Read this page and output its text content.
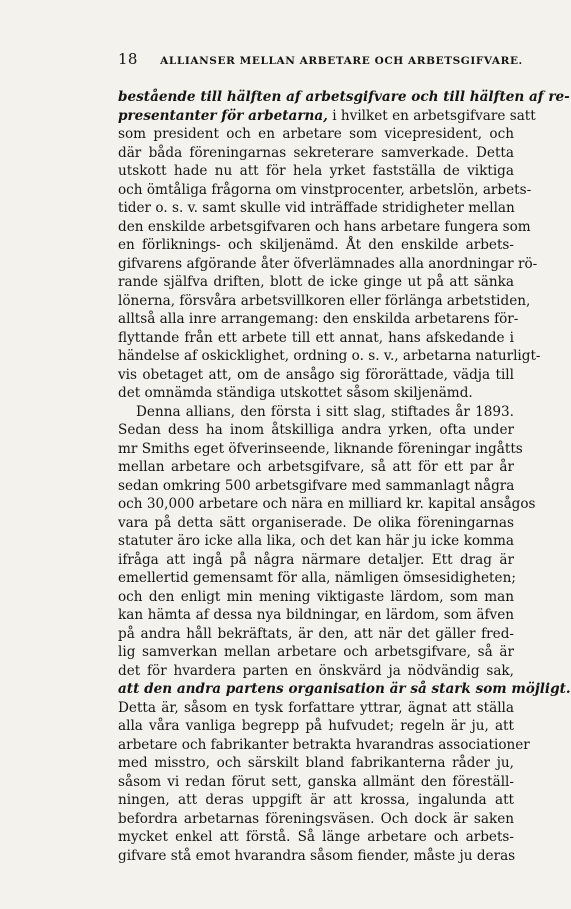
18 ALLIANSER MELLAN ARBETARE OCH ARBETSGIFVARE.
bestående till hälften af arbetsgifvare och till hälften af re-
presentanter för arbetarna, i hvilket en arbetsgifvare satt
som president och en arbetare som vicepresident, och
där båda föreningarnas sekreterare samverkade. Detta
utskott hade nu att för hela yrket fastställa de viktiga
och ömtåliga frågorna om vinstprocenter, arbetslön, arbets-
tider o. s. v. samt skulle vid inträffade stridigheter mellan
den enskilde arbetsgifvaren och hans arbetare fungera som
en förliknings- och skiljenämd. Åt den enskilde arbets-
gifvarens afgörande åter öfverlämnades alla anordningar rö-
rande själfva driften, blott de icke ginge ut på att sänka
lönerna, försvåra arbetsvillkoren eller förlänga arbetstiden,
alltså alla inre arrangemang: den enskilda arbetarens för-
flyttande från ett arbete till ett annat, hans afskedande i
händelse af oskicklighet, ordning o. s. v., arbetarna naturligt-
vis obetaget att, om de ansågo sig förorättade, vädja till
det omnämda ständiga utskottet såsom skiljenämd.
Denna allians, den första i sitt slag, stiftades år 1893.
Sedan dess ha inom åtskilliga andra yrken, ofta under
mr Smiths eget öfverinseende, liknande föreningar ingåtts
mellan arbetare och arbetsgifvare, så att för ett par år
sedan omkring 500 arbetsgifvare med sammanlagt några
och 30,000 arbetare och nära en milliard kr. kapital ansågos
vara på detta sätt organiserade. De olika föreningarnas
statuter äro icke alla lika, och det kan här ju icke komma
ifråga att ingå på några närmare detaljer. Ett drag är
emellertid gemensamt för alla, nämligen ömsesidigheten;
och den enligt min mening viktigaste lärdom, som man
kan hämta af dessa nya bildningar, en lärdom, som äfven
på andra håll bekräftats, är den, att när det gäller fred-
lig samverkan mellan arbetare och arbetsgifvare, så är
det för hvardera parten en önskvärd ja nödvändig sak,
att den andra partens organisation är så stark som möjligt.
Detta är, såsom en tysk forfattare yttrar, ägnat att ställa
alla våra vanliga begrepp på hufvudet; regeln är ju, att
arbetare och fabrikanter betrakta hvarandras associationer
med misstro, och särskilt bland fabrikanterna råder ju,
såsom vi redan förut sett, ganska allmänt den föreställ-
ningen, att deras uppgift är att krossa, ingalunda att
befordra arbetarnas föreningsväsen. Och dock är saken
mycket enkel att förstå. Så länge arbetare och arbets-
gifvare stå emot hvarandra såsom fiender, måste ju deras
